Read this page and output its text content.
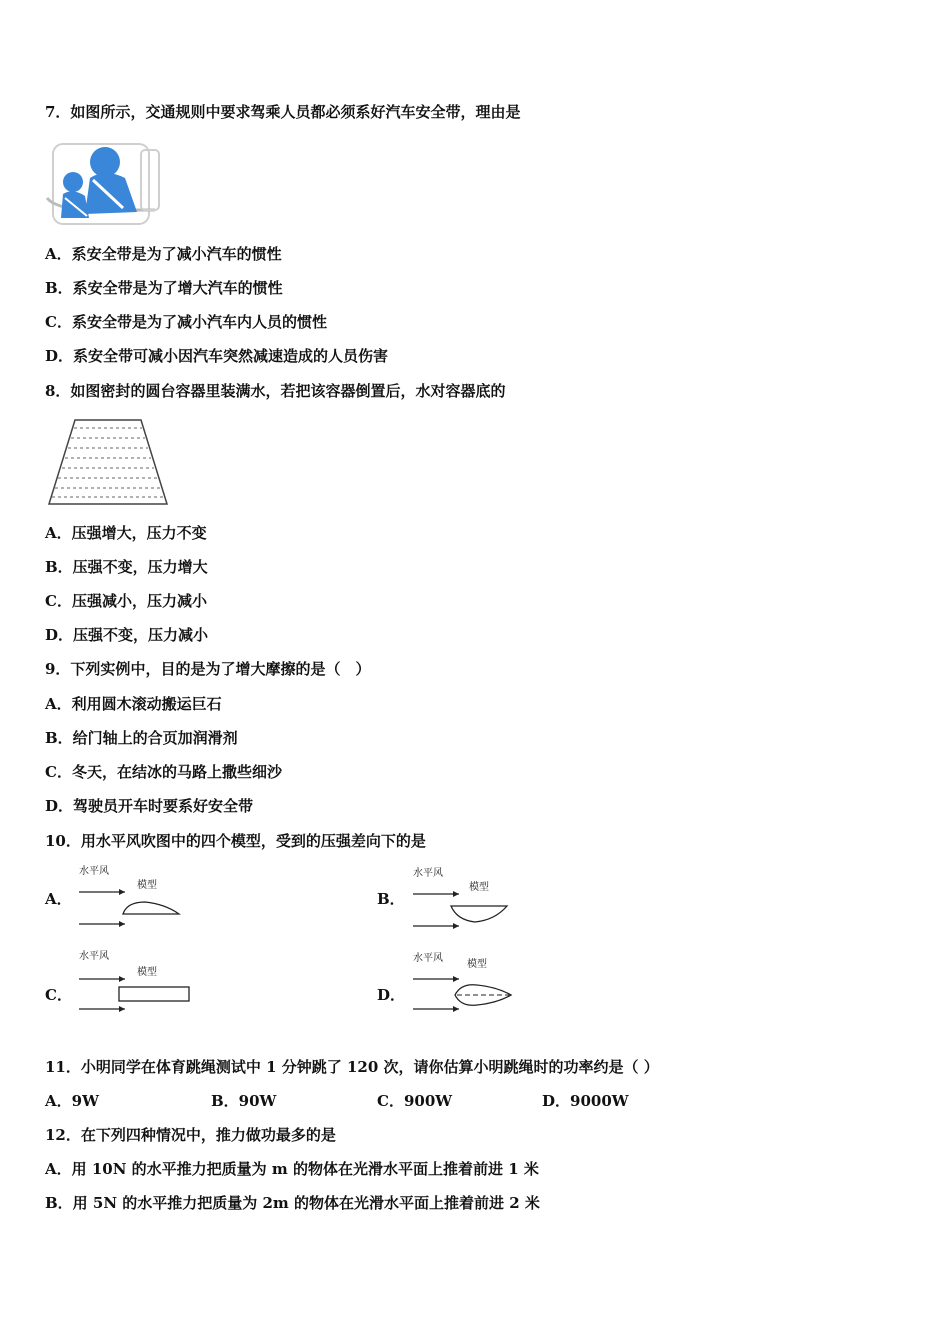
7．如图所示，交通规则中要求驾乘人员都必须系好汽车安全带，理由是
A．系安全带是为了减小汽车的惯性
B．系安全带是为了增大汽车的惯性
C．系安全带是为了减小汽车内人员的惯性
D．系安全带可减小因汽车突然减速造成的人员伤害
8．如图密封的圆台容器里装满水，若把该容器倒置后，水对容器底的
A．压强增大，压力不变
B．压强不变，压力增大
C．压强减小，压力减小
D．压强不变，压力减小
9．下列实例中，目的是为了增大摩擦的是（　）
A．利用圆木滚动搬运巨石
B．给门轴上的合页加润滑剂
C．冬天，在结冰的马路上撒些细沙
D．驾驶员开车时要系好安全带
10．用水平风吹图中的四个模型，受到的压强差向下的是
A．
水平风
模型
B．
水平风
模型
C．
水平风
模型
D．
水平风
模型
11．小明同学在体育跳绳测试中 1 分钟跳了 120 次，请你估算小明跳绳时的功率约是（ ）
A．9W	B．90W	C．900W	D．9000W
12．在下列四种情况中，推力做功最多的是
A．用 10N 的水平推力把质量为 m 的物体在光滑水平面上推着前进 1 米
B．用 5N 的水平推力把质量为 2m 的物体在光滑水平面上推着前进 2 米
